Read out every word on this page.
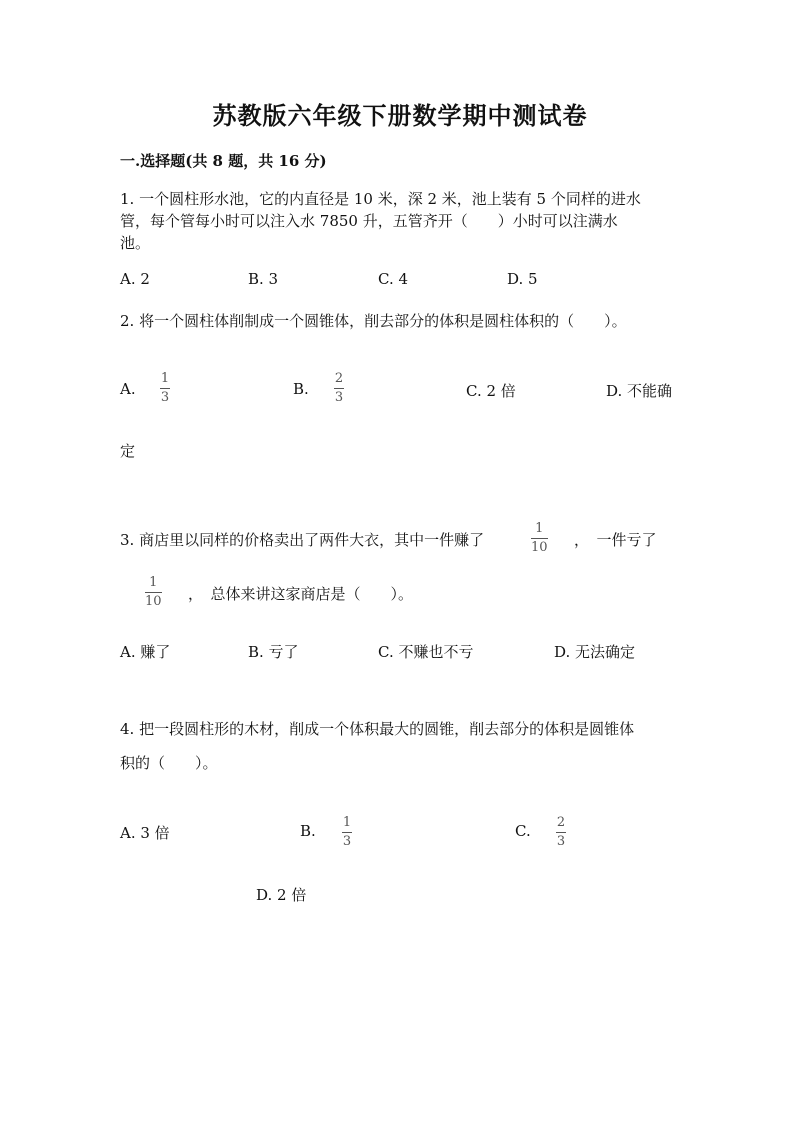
苏教版六年级下册数学期中测试卷
一.选择题(共 8 题，共 16 分)
1. 一个圆柱形水池，它的内直径是 10 米，深 2 米，池上装有 5 个同样的进水
管，每个管每小时可以注入水 7850 升，五管齐开（　　）小时可以注满水
池。
A. 2	B. 3	C. 4	D. 5
2. 将一个圆柱体削制成一个圆锥体，削去部分的体积是圆柱体积的（　　）。
A.
1
3	B.
2
3	C. 2 倍	D. 不能确
定
3. 商店里以同样的价格卖出了两件大衣，其中一件赚了
1
10 ，　一件亏了
1
10 ，　总体来讲这家商店是（　　）。
A. 赚了	B. 亏了	C. 不赚也不亏	D. 无法确定
4. 把一段圆柱形的木材，削成一个体积最大的圆锥，削去部分的体积是圆锥体
积的（　　）。
A. 3 倍	B. 1
3
C. 2
3
D. 2 倍
